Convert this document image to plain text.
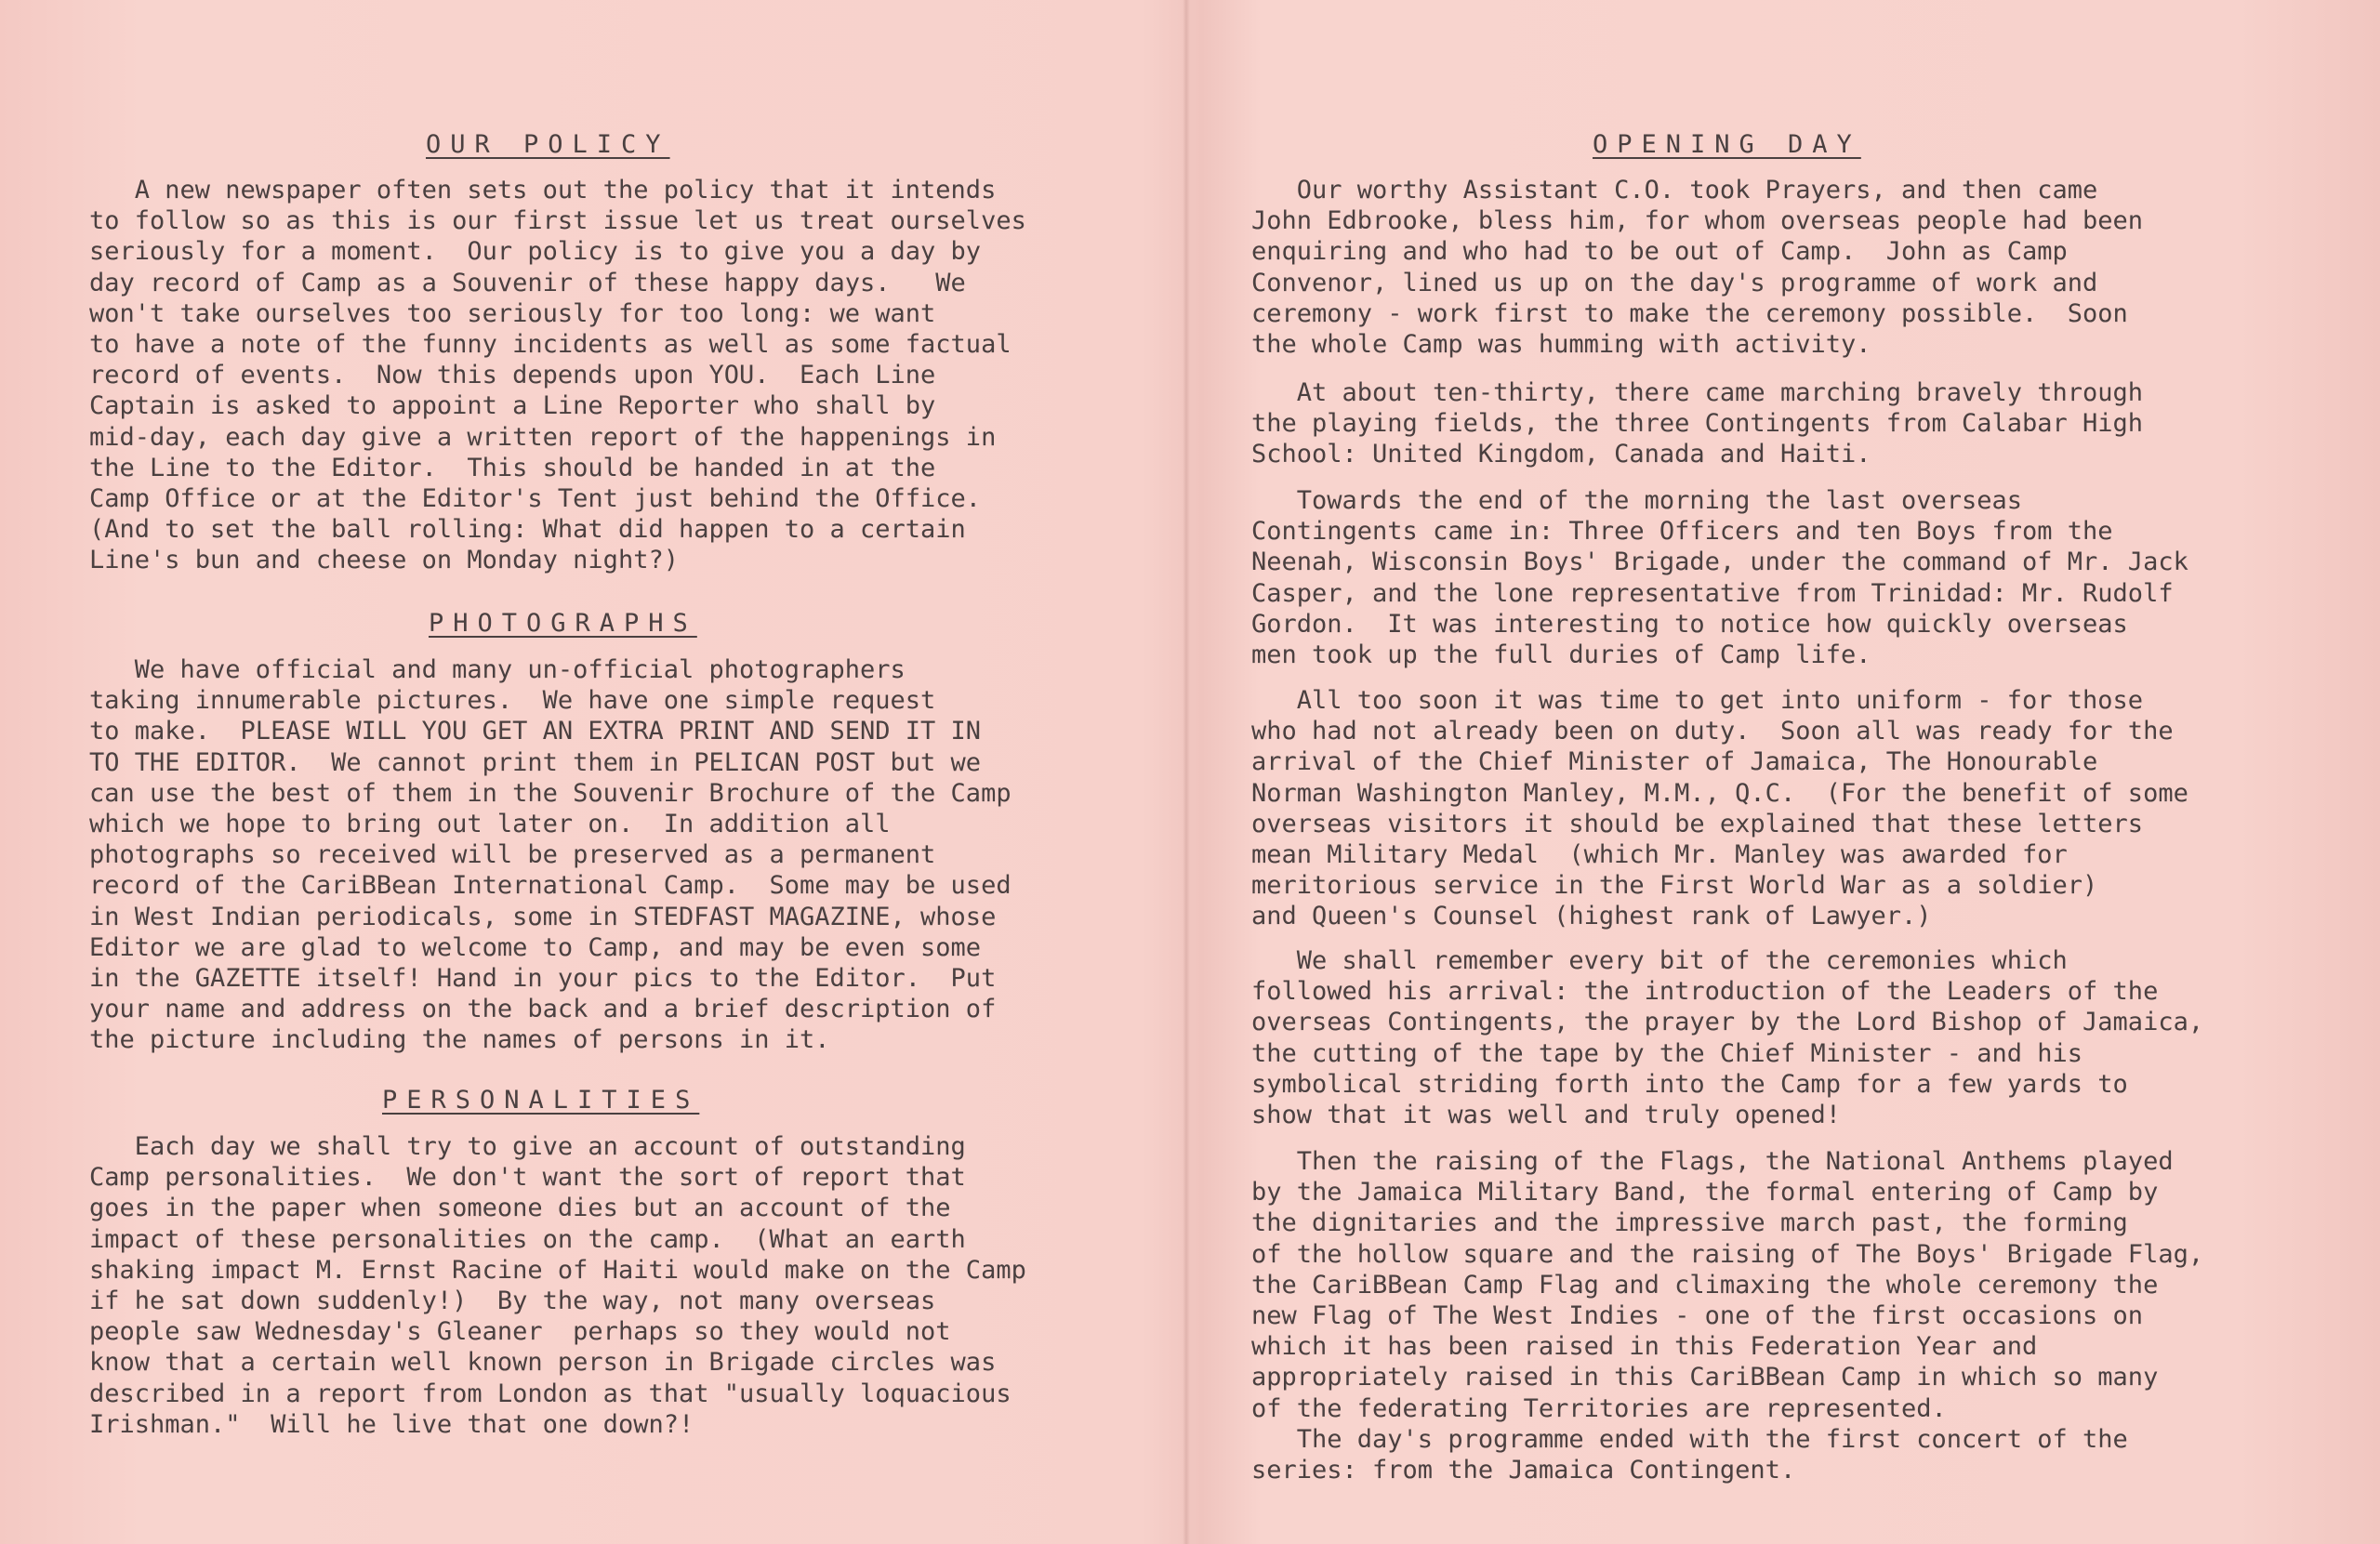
OUR POLICY
A new newspaper often sets out the policy that it intends
to follow so as this is our first issue let us treat ourselves
seriously for a moment.  Our policy is to give you a day by
day record of Camp as a Souvenir of these happy days.   We
won't take ourselves too seriously for too long: we want
to have a note of the funny incidents as well as some factual
record of events.  Now this depends upon YOU.  Each Line
Captain is asked to appoint a Line Reporter who shall by
mid-day, each day give a written report of the happenings in
the Line to the Editor.  This should be handed in at the
Camp Office or at the Editor's Tent just behind the Office.
(And to set the ball rolling: What did happen to a certain
Line's bun and cheese on Monday night?)
PHOTOGRAPHS
We have official and many un-official photographers
taking innumerable pictures.  We have one simple request
to make.  PLEASE WILL YOU GET AN EXTRA PRINT AND SEND IT IN
TO THE EDITOR.  We cannot print them in PELICAN POST but we
can use the best of them in the Souvenir Brochure of the Camp
which we hope to bring out later on.  In addition all
photographs so received will be preserved as a permanent
record of the CariBBean International Camp.  Some may be used
in West Indian periodicals, some in STEDFAST MAGAZINE, whose
Editor we are glad to welcome to Camp, and may be even some
in the GAZETTE itself! Hand in your pics to the Editor.  Put
your name and address on the back and a brief description of
the picture including the names of persons in it.
PERSONALITIES
Each day we shall try to give an account of outstanding
Camp personalities.  We don't want the sort of report that
goes in the paper when someone dies but an account of the
impact of these personalities on the camp.  (What an earth
shaking impact M. Ernst Racine of Haiti would make on the Camp
if he sat down suddenly!)  By the way, not many overseas
people saw Wednesday's Gleaner  perhaps so they would not
know that a certain well known person in Brigade circles was
described in a report from London as that "usually loquacious
Irishman."  Will he live that one down?!
OPENING DAY
Our worthy Assistant C.O. took Prayers, and then came
John Edbrooke, bless him, for whom overseas people had been
enquiring and who had to be out of Camp.  John as Camp
Convenor, lined us up on the day's programme of work and
ceremony - work first to make the ceremony possible.  Soon
the whole Camp was humming with activity.
At about ten-thirty, there came marching bravely through
the playing fields, the three Contingents from Calabar High
School: United Kingdom, Canada and Haiti.
Towards the end of the morning the last overseas
Contingents came in: Three Officers and ten Boys from the
Neenah, Wisconsin Boys' Brigade, under the command of Mr. Jack
Casper, and the lone representative from Trinidad: Mr. Rudolf
Gordon.  It was interesting to notice how quickly overseas
men took up the full duries of Camp life.
All too soon it was time to get into uniform - for those
who had not already been on duty.  Soon all was ready for the
arrival of the Chief Minister of Jamaica, The Honourable
Norman Washington Manley, M.M., Q.C.  (For the benefit of some
overseas visitors it should be explained that these letters
mean Military Medal  (which Mr. Manley was awarded for
meritorious service in the First World War as a soldier)
and Queen's Counsel (highest rank of Lawyer.)
We shall remember every bit of the ceremonies which
followed his arrival: the introduction of the Leaders of the
overseas Contingents, the prayer by the Lord Bishop of Jamaica,
the cutting of the tape by the Chief Minister - and his
symbolical striding forth into the Camp for a few yards to
show that it was well and truly opened!
Then the raising of the Flags, the National Anthems played
by the Jamaica Military Band, the formal entering of Camp by
the dignitaries and the impressive march past, the forming
of the hollow square and the raising of The Boys' Brigade Flag,
the CariBBean Camp Flag and climaxing the whole ceremony the
new Flag of The West Indies - one of the first occasions on
which it has been raised in this Federation Year and
appropriately raised in this CariBBean Camp in which so many
of the federating Territories are represented.
The day's programme ended with the first concert of the
series: from the Jamaica Contingent.
